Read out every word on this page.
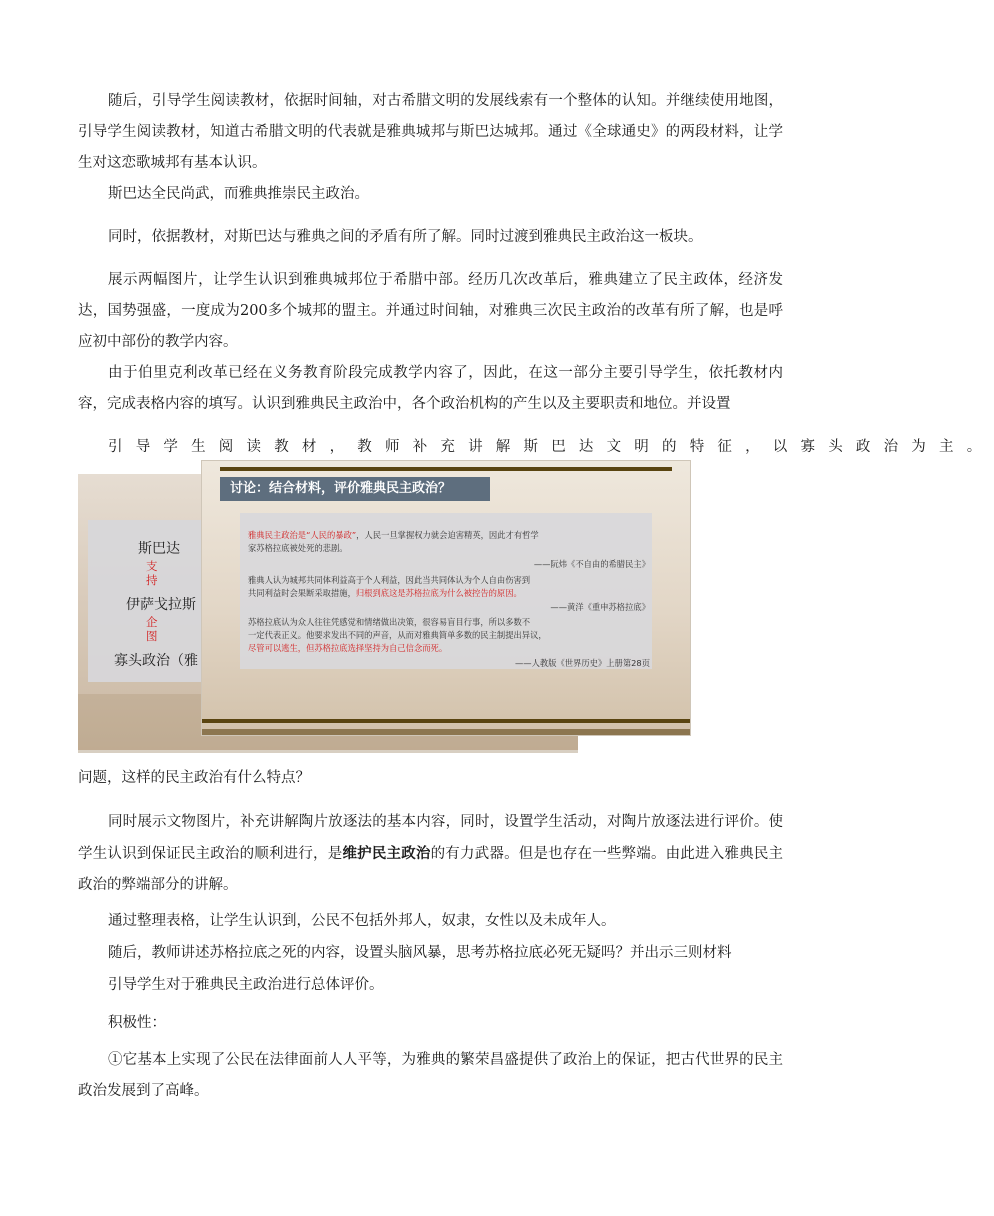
随后，引导学生阅读教材，依据时间轴，对古希腊文明的发展线索有一个整体的认知。并继续使用地图，引导学生阅读教材，知道古希腊文明的代表就是雅典城邦与斯巴达城邦。通过《全球通史》的两段材料，让学生对这恋歌城邦有基本认识。

斯巴达全民尚武，而雅典推崇民主政治。

同时，依据教材，对斯巴达与雅典之间的矛盾有所了解。同时过渡到雅典民主政治这一板块。

展示两幅图片，让学生认识到雅典城邦位于希腊中部。经历几次改革后，雅典建立了民主政体，经济发达，国势强盛，一度成为200多个城邦的盟主。并通过时间轴，对雅典三次民主政治的改革有所了解，也是呼应初中部份的教学内容。

由于伯里克利改革已经在义务教育阶段完成教学内容了，因此，在这一部分主要引导学生，依托教材内容，完成表格内容的填写。认识到雅典民主政治中，各个政治机构的产生以及主要职责和地位。并设置

引导学生阅读教材，教师补充讲解斯巴达文明的特征，以寡头政治为主。

斯巴达
支
持
伊萨戈拉斯
企
图
寡头政治（雅
讨论：结合材料，评价雅典民主政治？
雅典民主政治是“人民的暴政”，人民一旦掌握权力就会迫害精英，因此才有哲学
家苏格拉底被处死的悲剧。
——阮炜《不自由的希腊民主》
雅典人认为城邦共同体利益高于个人利益，因此当共同体认为个人自由伤害到
共同利益时会果断采取措施，归根到底这是苏格拉底为什么被控告的原因。
——黄洋《重申苏格拉底》
苏格拉底认为众人往往凭感觉和情绪做出决策，很容易盲目行事，所以多数不
一定代表正义。他要求发出不同的声音，从而对雅典简单多数的民主制提出异议，
尽管可以逃生，但苏格拉底选择坚持为自己信念而死。
——人教版《世界历史》上册第28页

问题，这样的民主政治有什么特点？

同时展示文物图片，补充讲解陶片放逐法的基本内容，同时，设置学生活动，对陶片放逐法进行评价。使学生认识到保证民主政治的顺利进行，是维护民主政治的有力武器。但是也存在一些弊端。由此进入雅典民主政治的弊端部分的讲解。

通过整理表格，让学生认识到，公民不包括外邦人，奴隶，女性以及未成年人。

随后，教师讲述苏格拉底之死的内容，设置头脑风暴，思考苏格拉底必死无疑吗？并出示三则材料

引导学生对于雅典民主政治进行总体评价。

积极性：

①它基本上实现了公民在法律面前人人平等，为雅典的繁荣昌盛提供了政治上的保证，把古代世界的民主政治发展到了高峰。
